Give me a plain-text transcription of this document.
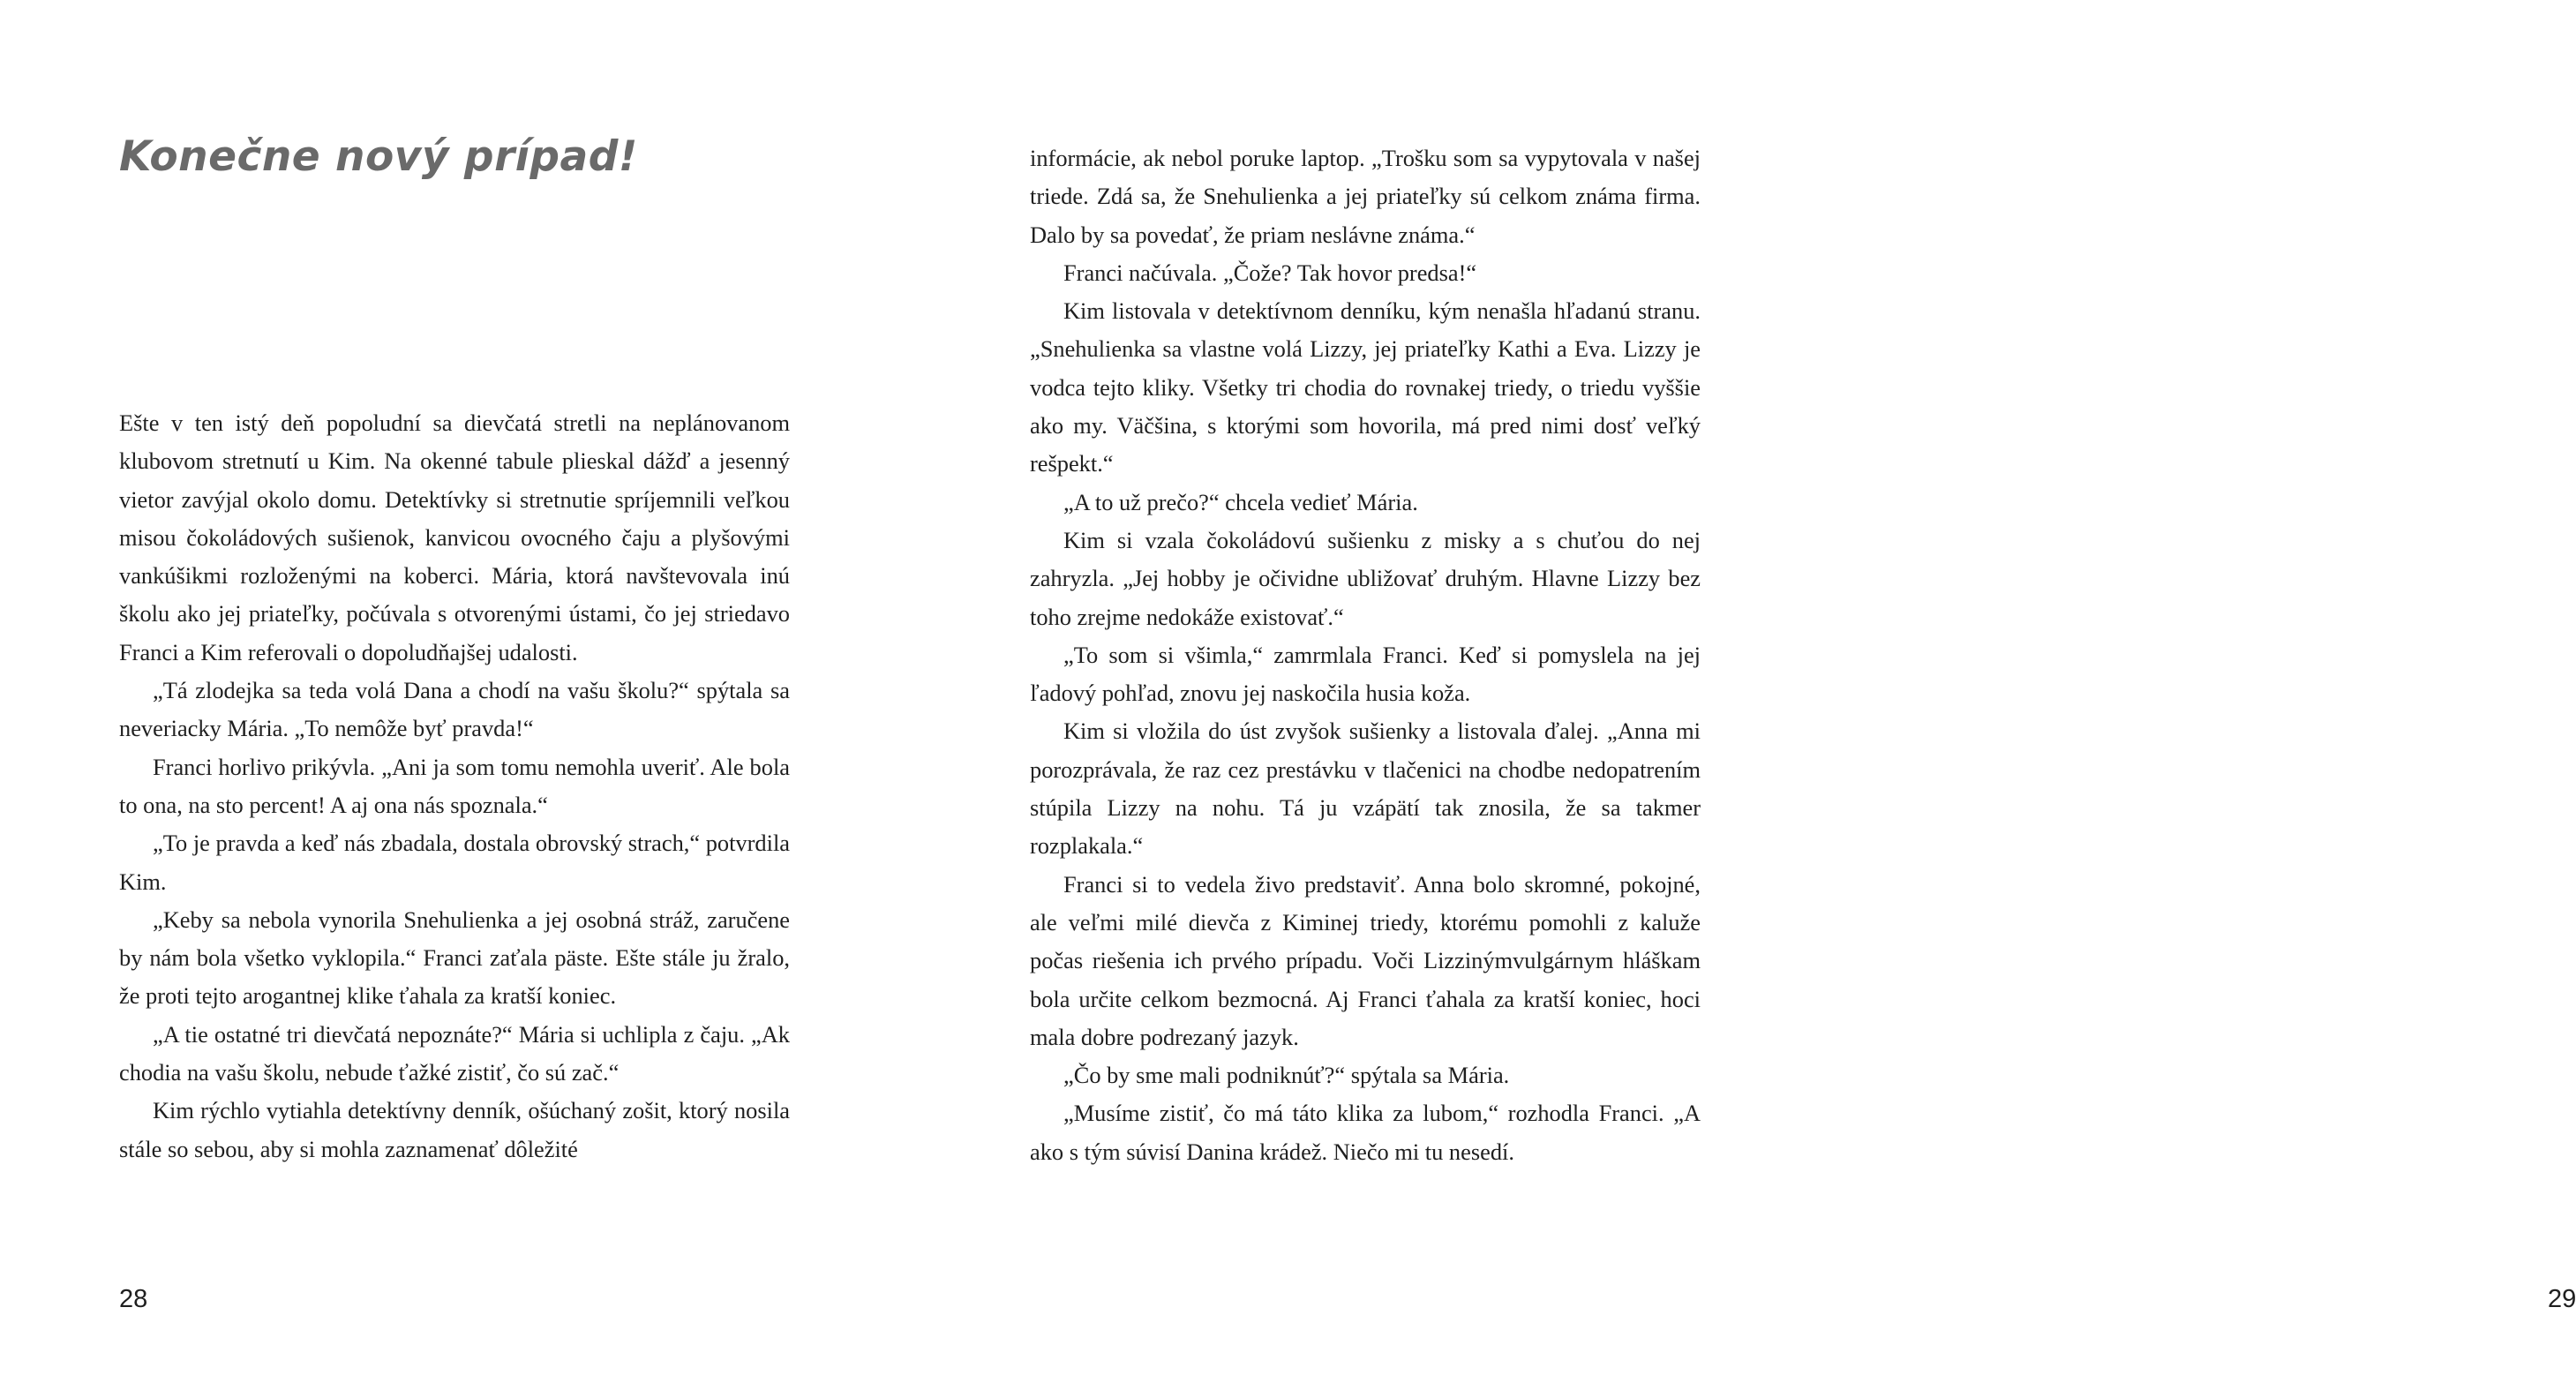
Konečne nový prípad!

Ešte v ten istý deň popoludní sa dievčatá stretli na neplánovanom klubovom stretnutí u Kim. Na okenné tabule plieskal dážď a jesenný vietor zavýjal okolo domu. Detektívky si stretnutie spríjemnili veľkou misou čokoládových sušienok, kanvicou ovocného čaju a plyšovými vankúšikmi rozloženými na koberci. Mária, ktorá navštevovala inú školu ako jej priateľky, počúvala s otvorenými ústami, čo jej striedavo Franci a Kim referovali o dopoludňajšej udalosti.

„Tá zlodejka sa teda volá Dana a chodí na vašu školu?“ spýtala sa neveriacky Mária. „To nemôže byť pravda!“

Franci horlivo prikývla. „Ani ja som tomu nemohla uveriť. Ale bola to ona, na sto percent! A aj ona nás spoznala.“

„To je pravda a keď nás zbadala, dostala obrovský strach,“ potvrdila Kim.

„Keby sa nebola vynorila Snehulienka a jej osobná stráž, zaručene by nám bola všetko vyklopila.“ Franci zaťala päste. Ešte stále ju žralo, že proti tejto arogantnej klike ťahala za kratší koniec.

„A tie ostatné tri dievčatá nepoznáte?“ Mária si uchlipla z čaju. „Ak chodia na vašu školu, nebude ťažké zistiť, čo sú zač.“

Kim rýchlo vytiahla detektívny denník, ošúchaný zošit, ktorý nosila stále so sebou, aby si mohla zaznamenať dôležité

28

informácie, ak nebol poruke laptop. „Trošku som sa vypytovala v našej triede. Zdá sa, že Snehulienka a jej priateľky sú celkom známa firma. Dalo by sa povedať, že priam neslávne známa.“

Franci načúvala. „Čože? Tak hovor predsa!“

Kim listovala v detektívnom denníku, kým nenašla hľadanú stranu. „Snehulienka sa vlastne volá Lizzy, jej priateľky Kathi a Eva. Lizzy je vodca tejto kliky. Všetky tri chodia do rovnakej triedy, o triedu vyššie ako my. Väčšina, s ktorými som hovorila, má pred nimi dosť veľký rešpekt.“

„A to už prečo?“ chcela vedieť Mária.

Kim si vzala čokoládovú sušienku z misky a s chuťou do nej zahryzla. „Jej hobby je očividne ubližovať druhým. Hlavne Lizzy bez toho zrejme nedokáže existovať.“

„To som si všimla,“ zamrmlala Franci. Keď si pomyslela na jej ľadový pohľad, znovu jej naskočila husia koža.

Kim si vložila do úst zvyšok sušienky a listovala ďalej. „Anna mi porozprávala, že raz cez prestávku v tlačenici na chodbe nedopatrením stúpila Lizzy na nohu. Tá ju vzápätí tak znosila, že sa takmer rozplakala.“

Franci si to vedela živo predstaviť. Anna bolo skromné, pokojné, ale veľmi milé dievča z Kiminej triedy, ktorému pomohli z kaluže počas riešenia ich prvého prípadu. Voči Lizzinýmvulgárnym hláškam bola určite celkom bezmocná. Aj Franci ťahala za kratší koniec, hoci mala dobre podrezaný jazyk.

„Čo by sme mali podniknúť?“ spýtala sa Mária.

„Musíme zistiť, čo má táto klika za lubom,“ rozhodla Franci. „A ako s tým súvisí Danina krádež. Niečo mi tu nesedí.

29
